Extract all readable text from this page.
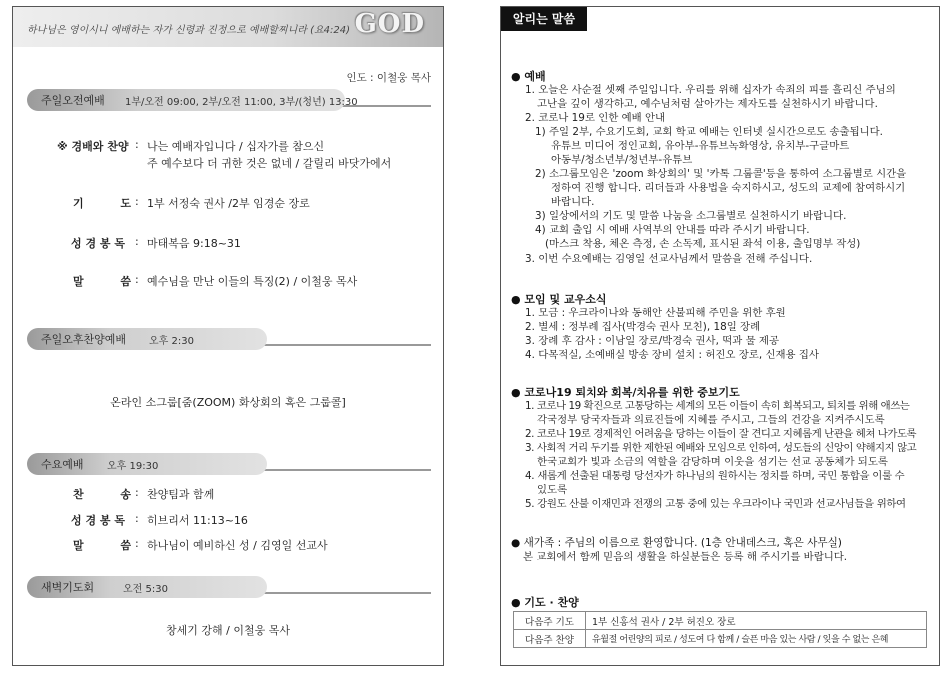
하나님은 영이시니 예배하는 자가 신령과 진정으로 예배할찌니라 (요4:24) GOD
인도 : 이철웅 목사
주일오전예배 1부/오전 09:00, 2부/오전 11:00, 3부/(청년) 13:30
※ 경배와 찬양 : 나는 예배자입니다 / 십자가를 참으신
주 예수보다 더 귀한 것은 없네 / 갈릴리 바닷가에서
기	도 : 1부 서정숙 권사 /2부 임경순 장로
성 경 봉 독 : 마태복음 9:18~31
말	씀 : 예수님을 만난 이들의 특징(2) / 이철웅 목사
주일오후찬양예배 오후 2:30
온라인 소그룹[줌(ZOOM) 화상회의 혹은 그룹콜]
수요예배 오후 19:30
찬	송 : 찬양팀과 함께
성 경 봉 독 : 히브리서 11:13~16
말	씀 : 하나님이 예비하신 성 / 김영일 선교사
새벽기도회	오전 5:30
창세기 강해 / 이철웅 목사
알리는 말씀
● 예배
1. 오늘은 사순절 셋째 주일입니다. 우리를 위해 십자가 속죄의 피를 흘리신 주님의
고난을 깊이 생각하고, 예수님처럼 살아가는 제자도를 실천하시기 바랍니다.
2. 코로나 19로 인한 예배 안내
1) 주일 2부, 수요기도회, 교회 학교 예배는 인터넷 실시간으로도 송출됩니다.
유튜브 미디어 정인교회, 유아부-유튜브녹화영상, 유치부-구글마트
아동부/청소년부/청년부-유튜브
2) 소그룹모임은 'zoom 화상회의' 및 '카톡 그룹콜'등을 통하여 소그룹별로 시간을
정하여 진행 합니다. 리더들과 사용법을 숙지하시고, 성도의 교제에 참여하시기
바랍니다.
3) 일상에서의 기도 및 말씀 나눔을 소그룹별로 실천하시기 바랍니다.
4) 교회 출입 시 예배 사역부의 안내를 따라 주시기 바랍니다.
(마스크 착용, 체온 측정, 손 소독제, 표시된 좌석 이용, 출입명부 작성)
3. 이번 수요예배는 김영일 선교사님께서 말씀을 전해 주십니다.
● 모임 및 교우소식
1. 모금 : 우크라이나와 동해안 산불피해 주민을 위한 후원
2. 별세 : 정부례 집사(박경숙 권사 모친), 18일 장례
3. 장례 후 감사 : 이남일 장로/박경숙 권사, 떡과 물 제공
4. 다목적실, 소예배실 방송 장비 설치 : 허진오 장로, 신재용 집사
● 코로나19 퇴치와 회복/치유를 위한 중보기도
1. 코로나 19 확진으로 고통당하는 세계의 모든 이들이 속히 회복되고, 퇴치를 위해 애쓰는
각국정부 당국자들과 의료진들에 지혜를 주시고, 그들의 건강을 지켜주시도록
2. 코로나 19로 경제적인 어려움을 당하는 이들이 잘 견디고 지혜롭게 난관을 헤쳐 나가도록
3. 사회적 거리 두기를 위한 제한된 예배와 모임으로 인하여, 성도들의 신앙이 약해지지 않고
한국교회가 빛과 소금의 역할을 감당하며 이웃을 섬기는 선교 공동체가 되도록
4. 새롭게 선출된 대통령 당선자가 하나님의 원하시는 정치를 하며, 국민 통합을 이룰 수
있도록
5. 강원도 산불 이재민과 전쟁의 고통 중에 있는 우크라이나 국민과 선교사님들을 위하여
● 새가족 : 주님의 이름으로 환영합니다. (1층 안내데스크, 혹은 사무실)
본 교회에서 함께 믿음의 생활을 하실분들은 등록 해 주시기를 바랍니다.
● 기도 · 찬양
다음주 기도	1부 신홍석 권사 / 2부 허진오 장로
다음주 찬양	유월절 어린양의 피로 / 성도여 다 함께 / 슬픈 마음 있는 사람 / 잊을 수 없는 은혜
